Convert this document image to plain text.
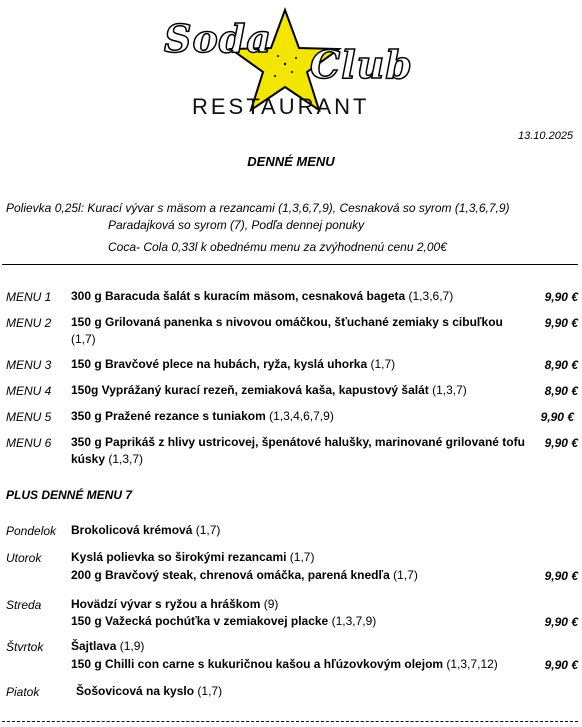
Soda
Club
RESTAURANT
13.10.2025
DENNÉ MENU
Polievka 0,25l: Kurací vývar s mäsom a rezancami (1,3,6,7,9), Cesnaková so syrom (1,3,6,7,9)
Paradajková so syrom (7), Podľa dennej ponuky
Coca- Cola 0,33l k obednému menu za zvýhodnenú cenu 2,00€
MENU 1 300 g Baracuda šalát s kuracím mäsom, cesnaková bageta (1,3,6,7)	9,90 €
MENU 2 150 g Grilovaná panenka s nivovou omáčkou, šťuchané zemiaky s cibuľkou (1,7)
9,90 €
MENU 3 150 g Bravčové plece na hubách, ryža, kyslá uhorka (1,7)	8,90 €
MENU 4 150g Vyprážaný kurací rezeň, zemiaková kaša, kapustový šalát (1,3,7)	8,90 €
MENU 5 350 g Pražené rezance s tuniakom (1,3,4,6,7,9)	9,90 €
MENU 6 350 g Paprikáš z hlivy ustricovej, špenátové halušky, marinované grilované tofu kúsky (1,3,7)
9,90 €
PLUS DENNÉ MENU 7
Pondelok Brokolicová krémová (1,7)
Utorok Kyslá polievka so širokými rezancami (1,7)
200 g Bravčový steak, chrenová omáčka, parená knedľa (1,7)	9,90 €
Streda Hovädzí vývar s ryžou a hráškom (9)
150 g Važecká pochúťka v zemiakovej placke (1,3,7,9)	9,90 €
Štvrtok Šajtlava (1,9)
150 g Chilli con carne s kukuričnou kašou a hľúzovkovým olejom (1,3,7,12)	9,90 €
Piatok	Šošovicová na kyslo (1,7)
